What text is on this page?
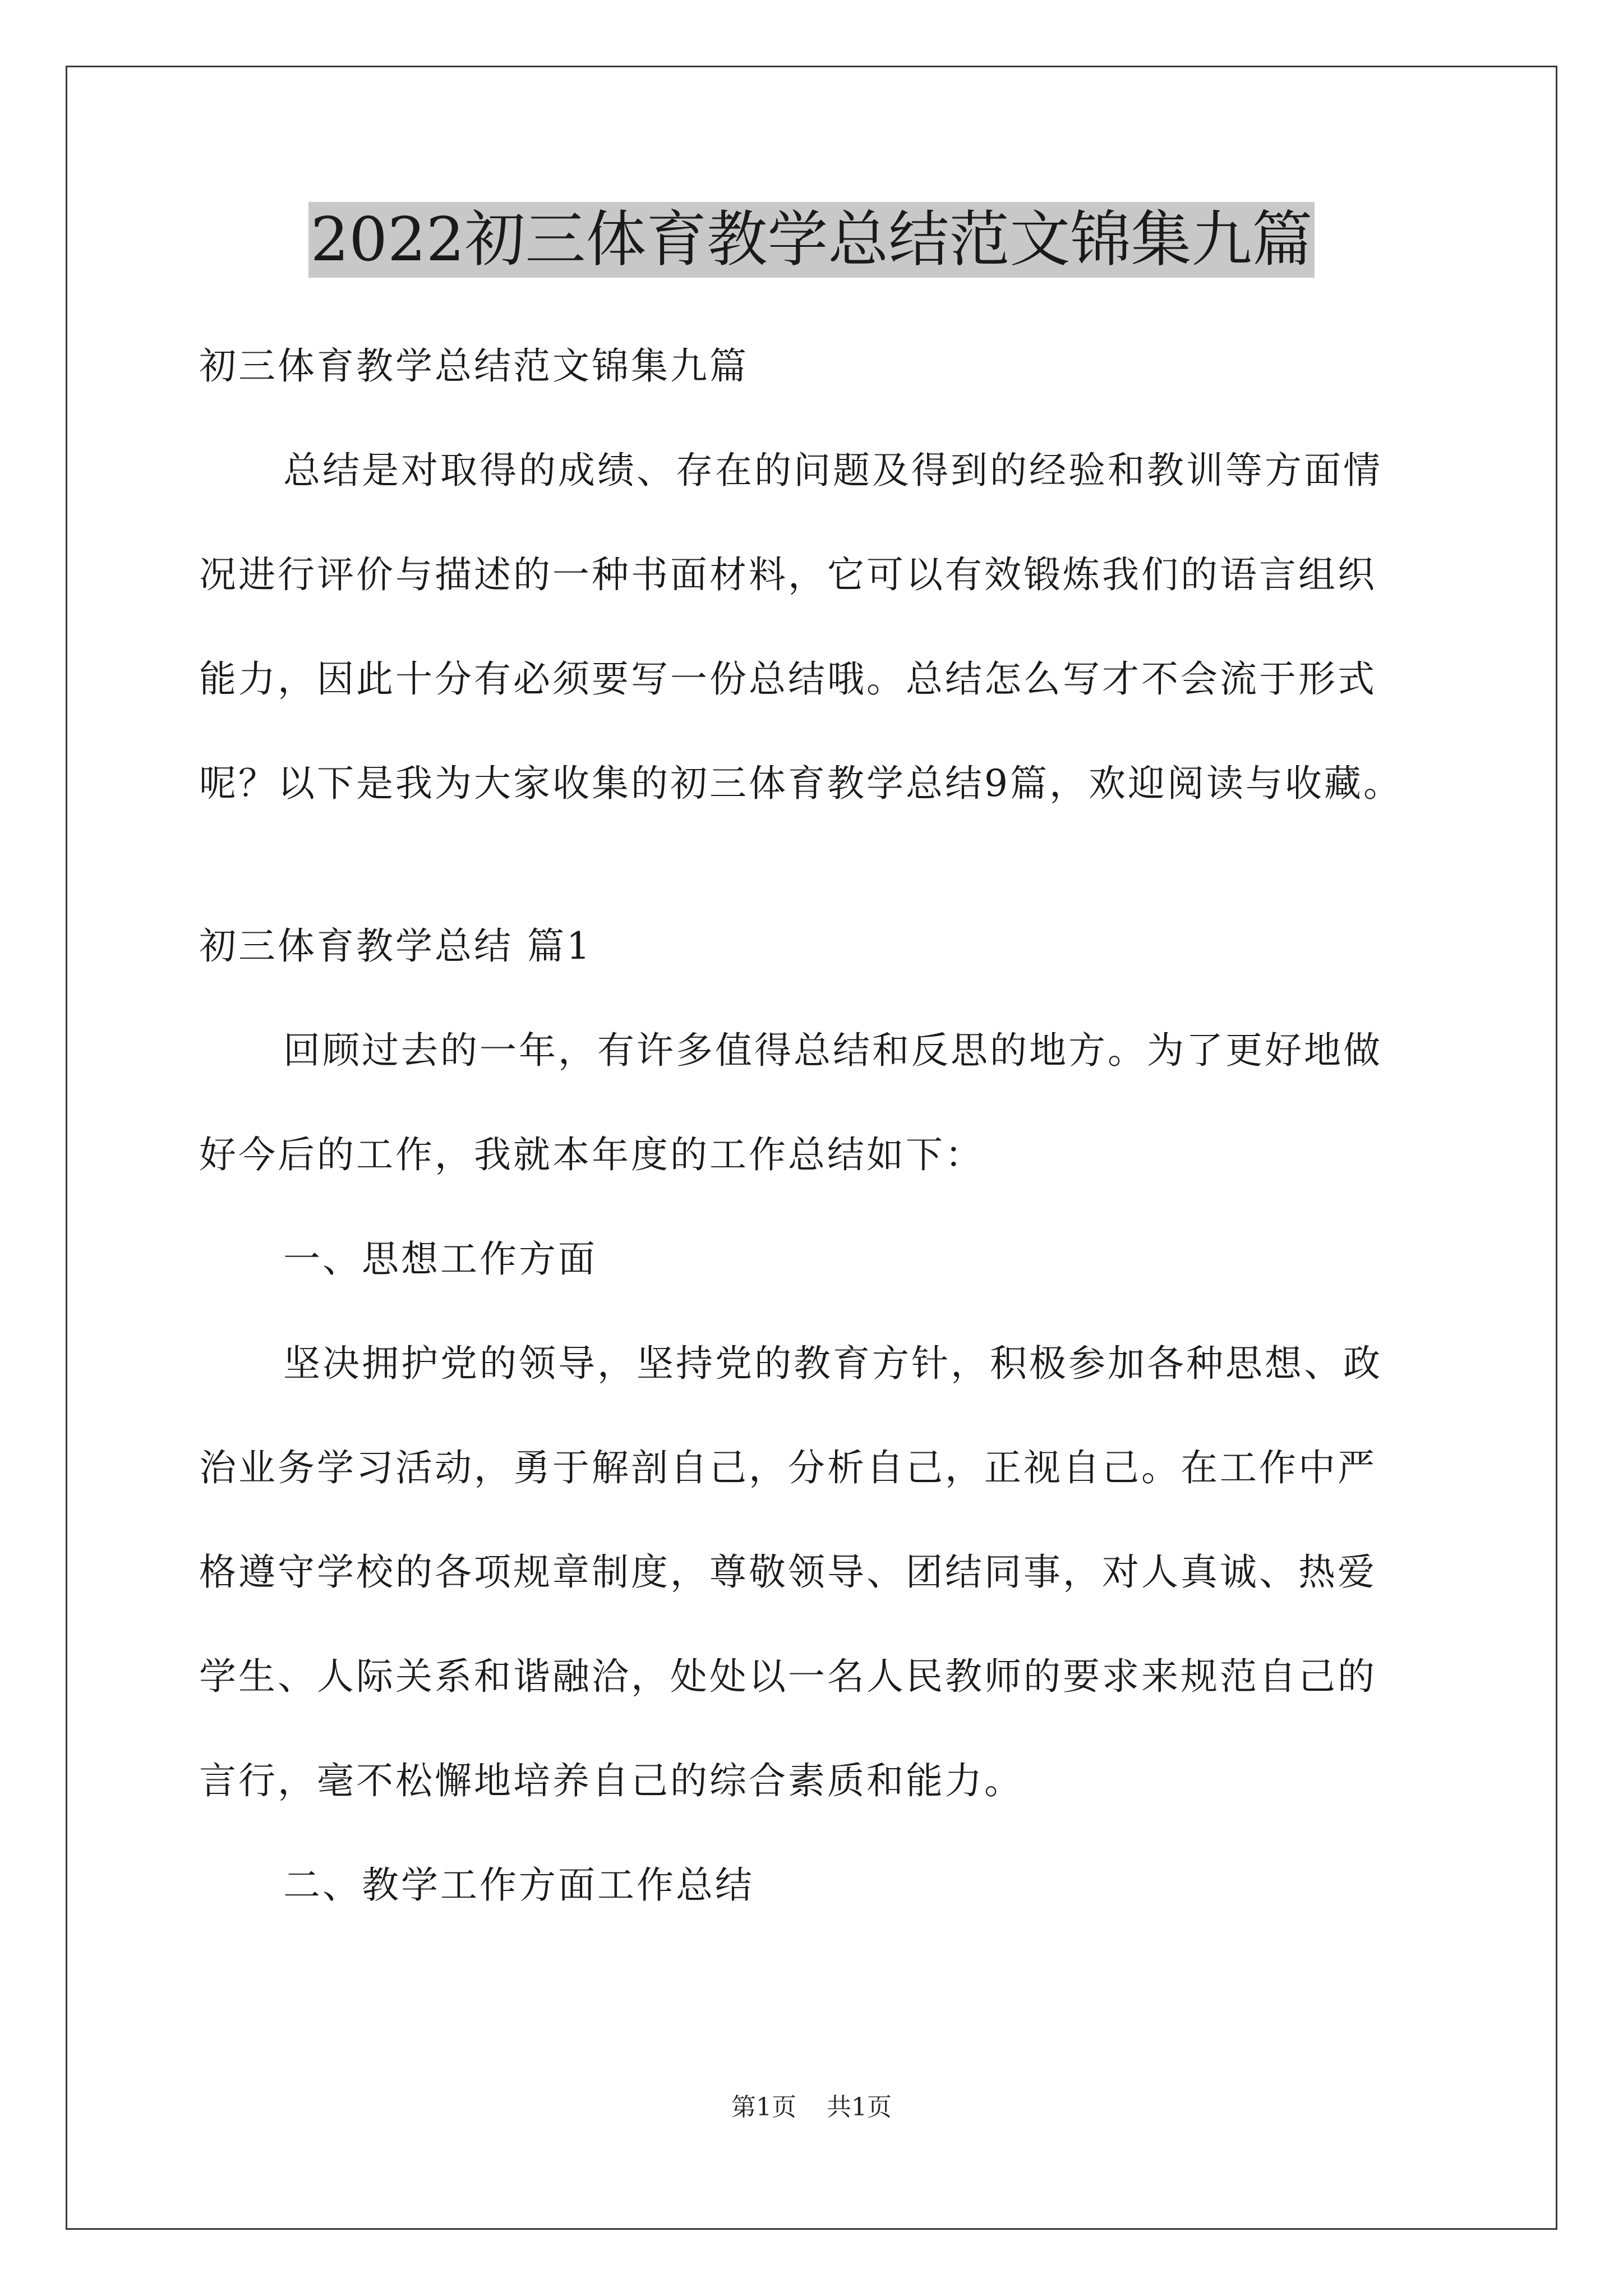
2022初三体育教学总结范文锦集九篇

初三体育教学总结范文锦集九篇

总结是对取得的成绩、存在的问题及得到的经验和教训等方面情

况进行评价与描述的一种书面材料，它可以有效锻炼我们的语言组织

能力，因此十分有必须要写一份总结哦。总结怎么写才不会流于形式

呢？以下是我为大家收集的初三体育教学总结9篇，欢迎阅读与收藏。

初三体育教学总结 篇1

回顾过去的一年，有许多值得总结和反思的地方。为了更好地做

好今后的工作，我就本年度的工作总结如下：

一、思想工作方面

坚决拥护党的领导，坚持党的教育方针，积极参加各种思想、政

治业务学习活动，勇于解剖自己，分析自己，正视自己。在工作中严

格遵守学校的各项规章制度，尊敬领导、团结同事，对人真诚、热爱

学生、人际关系和谐融洽，处处以一名人民教师的要求来规范自己的

言行，毫不松懈地培养自己的综合素质和能力。

二、教学工作方面工作总结

第1页 共1页
